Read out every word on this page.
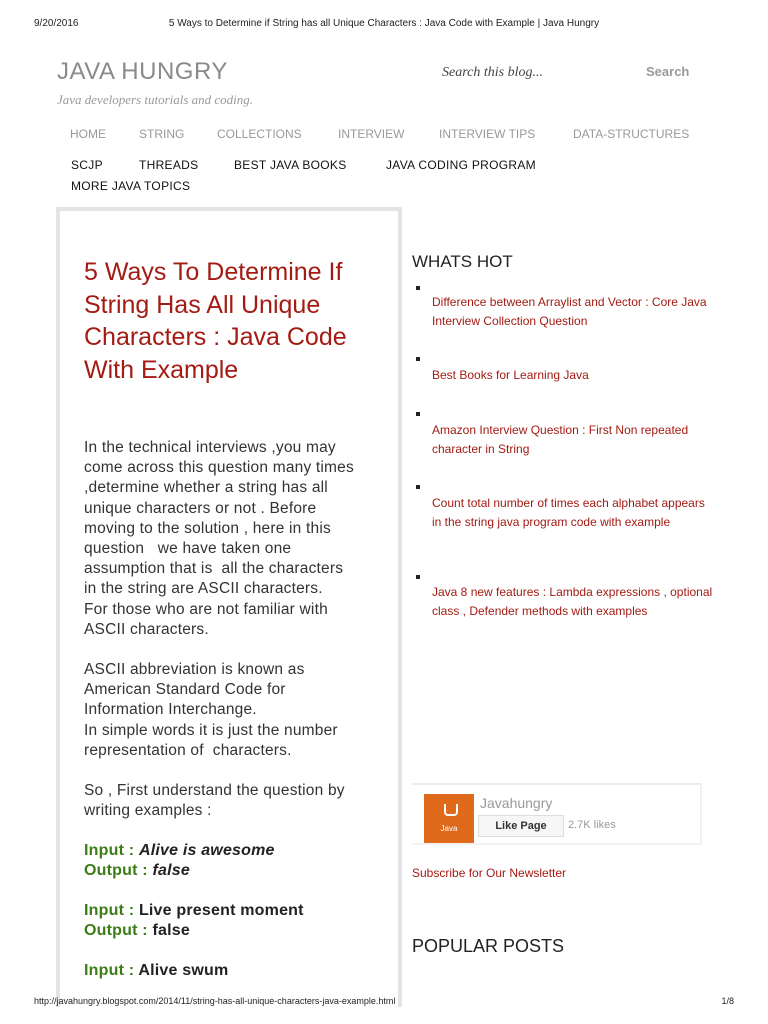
9/20/2016	5 Ways to Determine if String has all Unique Characters : Java Code with Example | Java Hungry
JAVA HUNGRY
Java developers tutorials and coding.
Search this blog...
Search
HOME	STRING	COLLECTIONS	INTERVIEW	INTERVIEW TIPS	DATA-STRUCTURES
SCJP	THREADS	BEST JAVA BOOKS	JAVA CODING PROGRAM
MORE JAVA TOPICS
5 Ways To Determine If String Has All Unique Characters : Java Code With Example

In the technical interviews ,you may
come across this question many times
,determine whether a string has all
unique characters or not . Before
moving to the solution , here in this
question   we have taken one
assumption that is  all the characters
in the string are ASCII characters.
For those who are not familiar with
ASCII characters.

ASCII abbreviation is known as
American Standard Code for
Information Interchange.
In simple words it is just the number
representation of  characters.

So , First understand the question by
writing examples :

Input : Alive is awesome
Output : false
Input : Live present moment
Output : false
Input : Alive swum
WHATS HOT
Difference between Arraylist and Vector : Core Java Interview Collection Question
Best Books for Learning Java
Amazon Interview Question : First Non repeated character in String
Count total number of times each alphabet appears in the string java program code with example
Java 8 new features : Lambda expressions , optional class , Defender methods with examples
Java
Javahungry
Like Page	2.7K likes
Subscribe for Our Newsletter
POPULAR POSTS
http://javahungry.blogspot.com/2014/11/string-has-all-unique-characters-java-example.html	1/8
